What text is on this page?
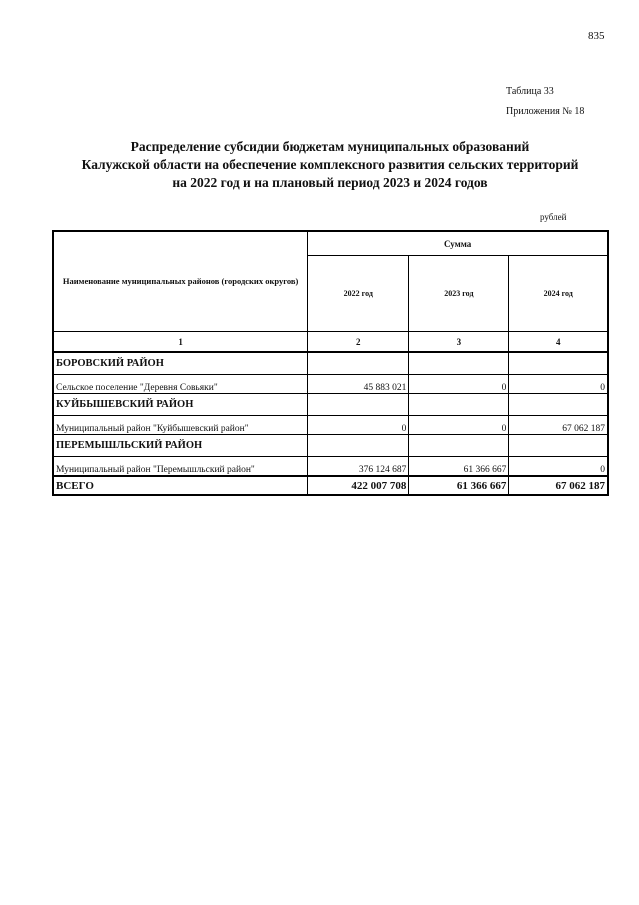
835
Таблица 33
Приложения № 18
Распределение субсидии бюджетам муниципальных образований
Калужской области на обеспечение комплексного развития сельских территорий
на 2022 год и на плановый период 2023 и 2024 годов
рублей
Наименование муниципальных районов (городских округов)	Сумма		
	2022 год	2023 год	2024 год
1	2	3	4
БОРОВСКИЙ РАЙОН			
Сельское поселение "Деревня Совьяки"	45 883 021	0	0
КУЙБЫШЕВСКИЙ РАЙОН			
Муниципальный район "Куйбышевский район"	0	0	67 062 187
ПЕРЕМЫШЛЬСКИЙ РАЙОН			
Муниципальный район "Перемышльский район"	376 124 687	61 366 667	0
ВСЕГО	422 007 708	61 366 667	67 062 187
